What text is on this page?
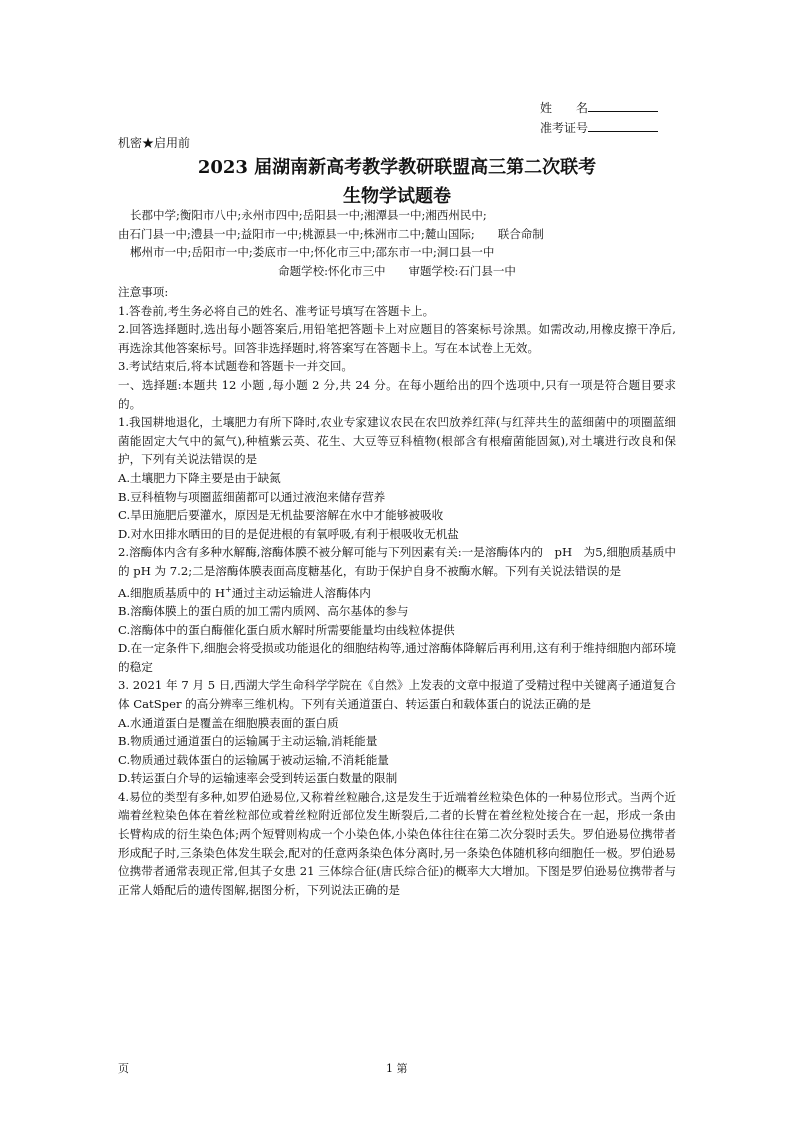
姓　　名
准考证号
机密★启用前
2023 届湖南新高考教学教研联盟高三第二次联考
生物学试题卷
长郡中学;衡阳市八中;永州市四中;岳阳县一中;湘潭县一中;湘西州民中;
由石门县一中;澧县一中;益阳市一中;桃源县一中;株洲市二中;麓山国际;　　联合命制
郴州市一中;岳阳市一中;娄底市一中;怀化市三中;邵东市一中;洞口县一中
命题学校:怀化市三中　　审题学校:石门县一中

注意事项:

1.答卷前,考生务必将自己的姓名、准考证号填写在答题卡上。

2.回答选择题时,选出每小题答案后,用铅笔把答题卡上对应题目的答案标号涂黑。如需改动,用橡皮擦干净后,再选涂其他答案标号。回答非选择题时,将答案写在答题卡上。写在本试卷上无效。

3.考试结束后,将本试题卷和答题卡一并交回。

一、选择题:本题共 12 小题 ,每小题 2 分,共 24 分。在每小题给出的四个选项中,只有一项是符合题目要求的。

1.我国耕地退化，土壤肥力有所下降时,农业专家建议农民在农凹放养红萍(与红萍共生的蓝细菌中的项圈蓝细菌能固定大气中的氮气),种植紫云英、花生、大豆等豆科植物(根部含有根瘤菌能固氮),对土壤进行改良和保护，下列有关说法错误的是

A.土壤肥力下降主要是由于缺氮

B.豆科植物与项圈蓝细菌都可以通过液泡来储存营养

C.旱田施肥后要灌水，原因是无机盐要溶解在水中才能够被吸收

D.对水田排水晒田的目的是促进根的有氧呼吸,有利于根吸收无机盐

2.溶酶体内含有多种水解酶,溶酶体膜不被分解可能与下列因素有关:一是溶酶体内的　pH　为5,细胞质基质中的 pH 为 7.2;二是溶酶体膜表面高度糖基化，有助于保护自身不被酶水解。下列有关说法错误的是

A.细胞质基质中的 H+通过主动运输进人溶酶体内

B.溶酶体膜上的蛋白质的加工需内质网、高尔基体的参与

C.溶酶体中的蛋白酶催化蛋白质水解时所需要能量均由线粒体提供

D.在一定条件下,细胞会将受损或功能退化的细胞结构等,通过溶酶体降解后再利用,这有利于维持细胞内部环境的稳定

3. 2021 年 7 月 5 日,西湖大学生命科学学院在《自然》上发表的文章中报道了受精过程中关键离子通道复合体 CatSper 的高分辨率三维机构。下列有关通道蛋白、转运蛋白和载体蛋白的说法正确的是

A.水通道蛋白是覆盖在细胞膜表面的蛋白质

B.物质通过通道蛋白的运输属于主动运输,消耗能量

C.物质通过载体蛋白的运输属于被动运输,不消耗能量

D.转运蛋白介导的运输速率会受到转运蛋白数量的限制

4.易位的类型有多种,如罗伯逊易位,又称着丝粒融合,这是发生于近端着丝粒染色体的一种易位形式。当两个近端着丝粒染色体在着丝粒部位或着丝粒附近部位发生断裂后,二者的长臂在着丝粒处接合在一起，形成一条由长臂构成的衍生染色体;两个短臂则构成一个小染色体,小染色体往往在第二次分裂时丢失。罗伯逊易位携带者形成配子时,三条染色体发生联会,配对的任意两条染色体分离时,另一条染色体随机移向细胞任一极。罗伯逊易位携带者通常表现正常,但其子女患 21 三体综合征(唐氏综合征)的概率大大增加。下图是罗伯逊易位携带者与正常人婚配后的遗传图解,据图分析，下列说法正确的是

页	1 第
